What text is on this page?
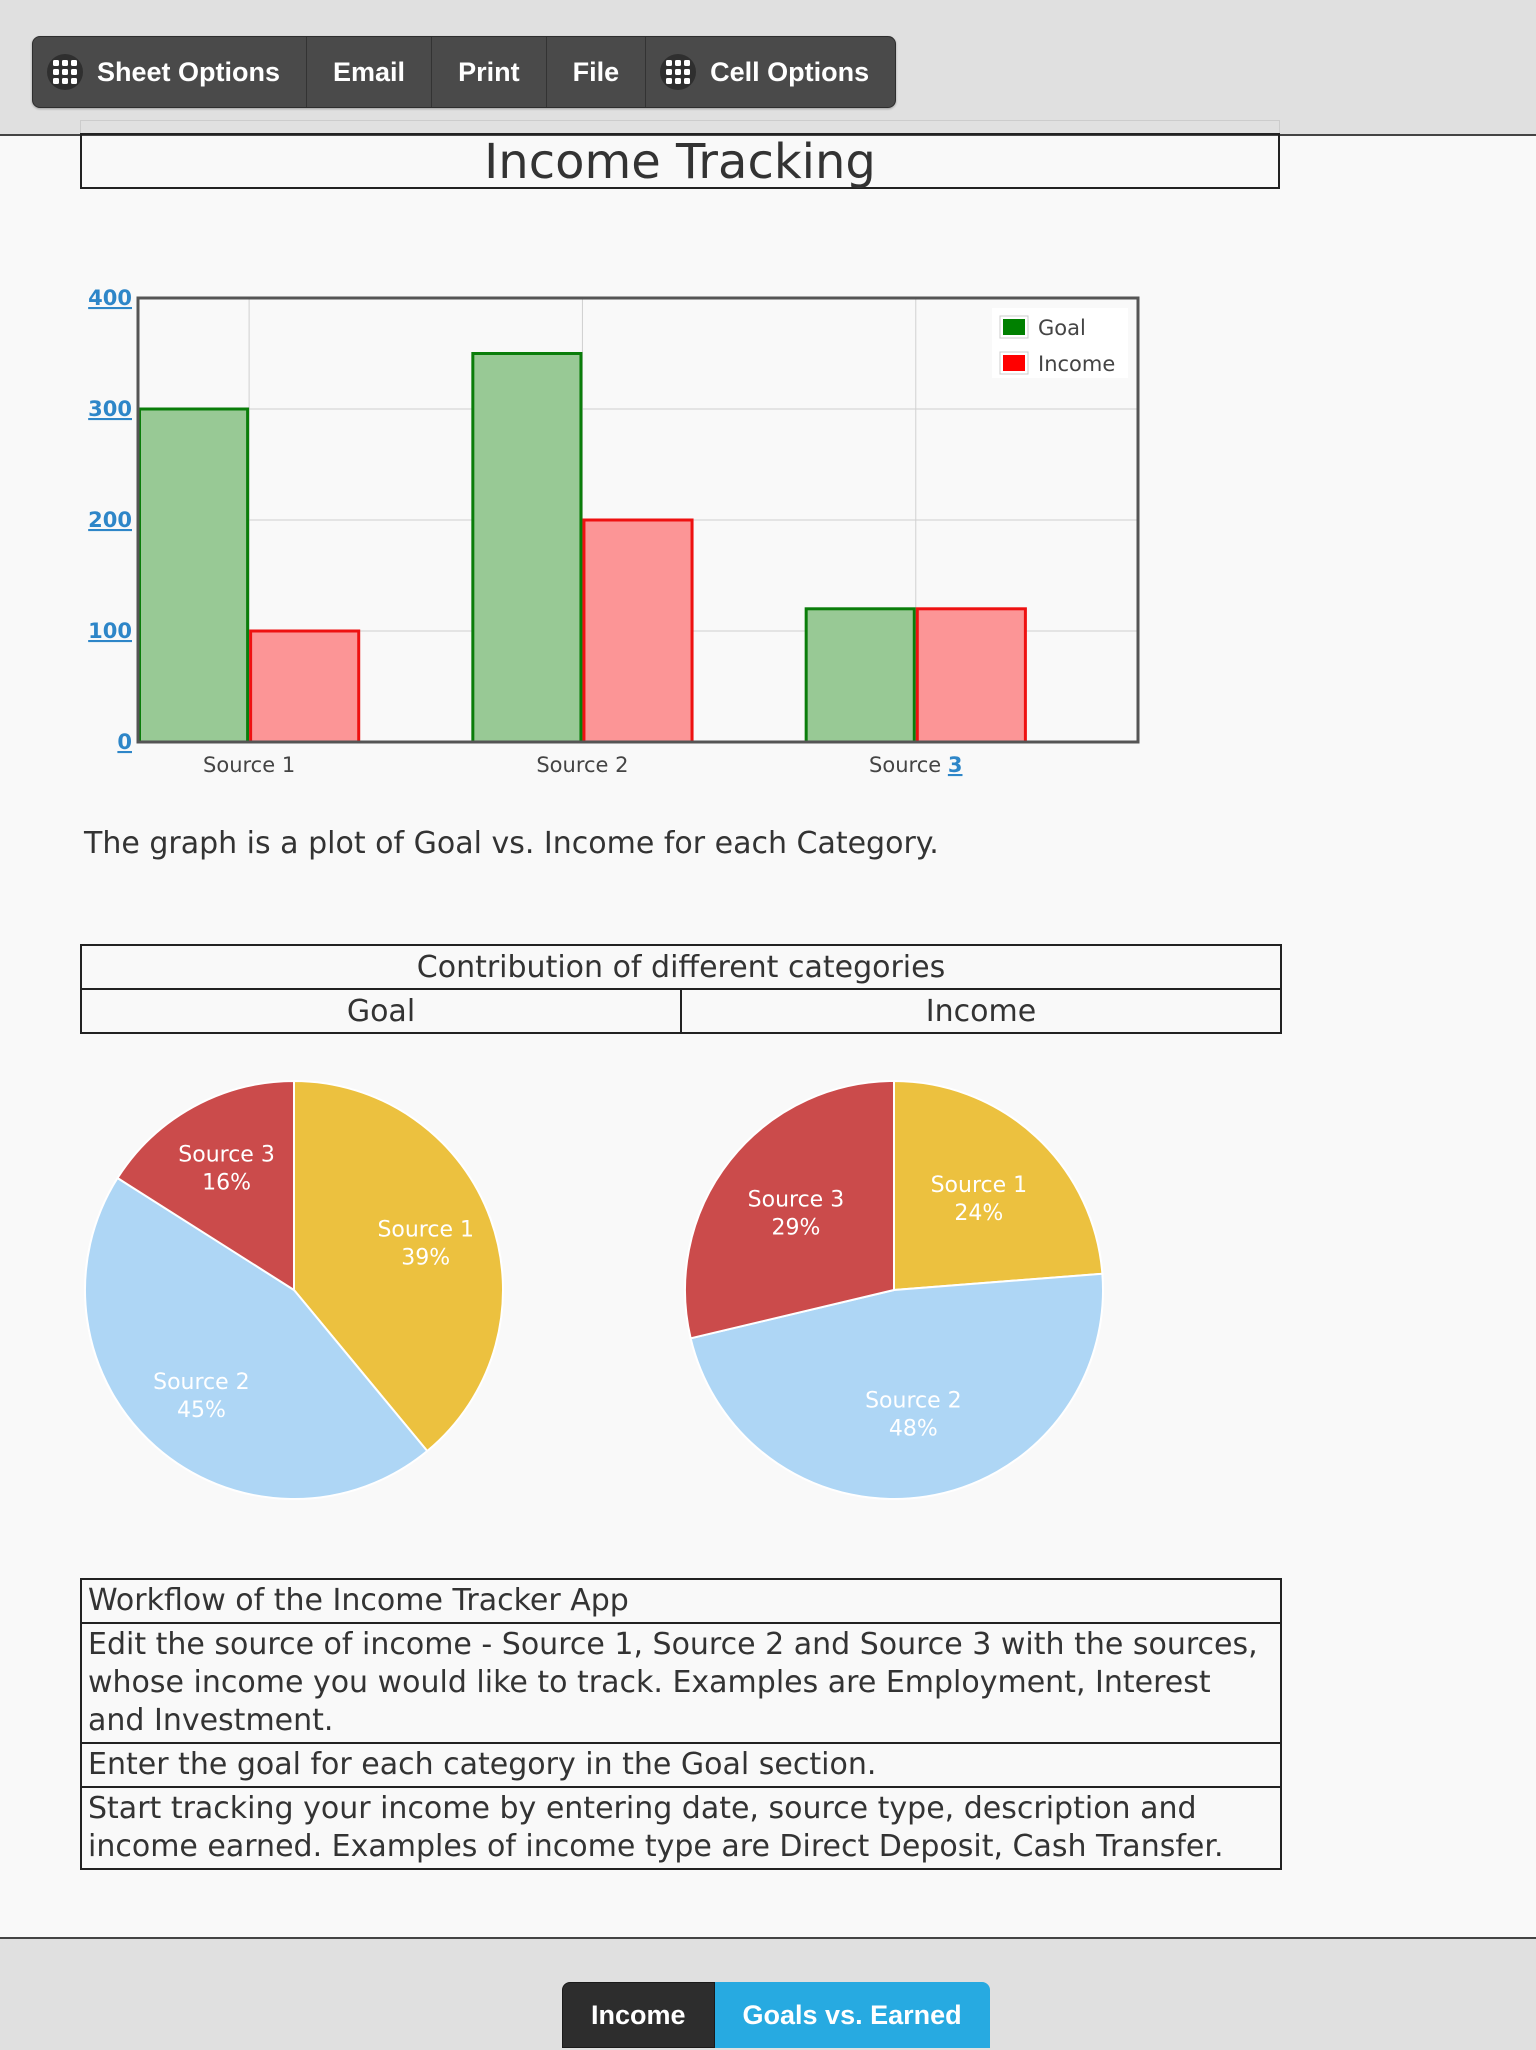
Sheet Options	Email	Print	File	Cell Options
Income Tracking
0
100
200
300
400
Source 1	Source 2	Source 3
Goal
Income
The graph is a plot of Goal vs. Income for each Category.
Contribution of different categories
Goal	Income
Source 1
39%
Source 2
45%
Source 3
16%	Source 1
24%
Source 2
48%
Source 3
29%
Workflow of the Income Tracker App
Edit the source of income - Source 1, Source 2 and Source 3 with the sources, whose income you would like to track. Examples are Employment, Interest and Investment.
Enter the goal for each category in the Goal section.
Start tracking your income by entering date, source type, description and income earned. Examples of income type are Direct Deposit, Cash Transfer.
Income	Goals vs. Earned
